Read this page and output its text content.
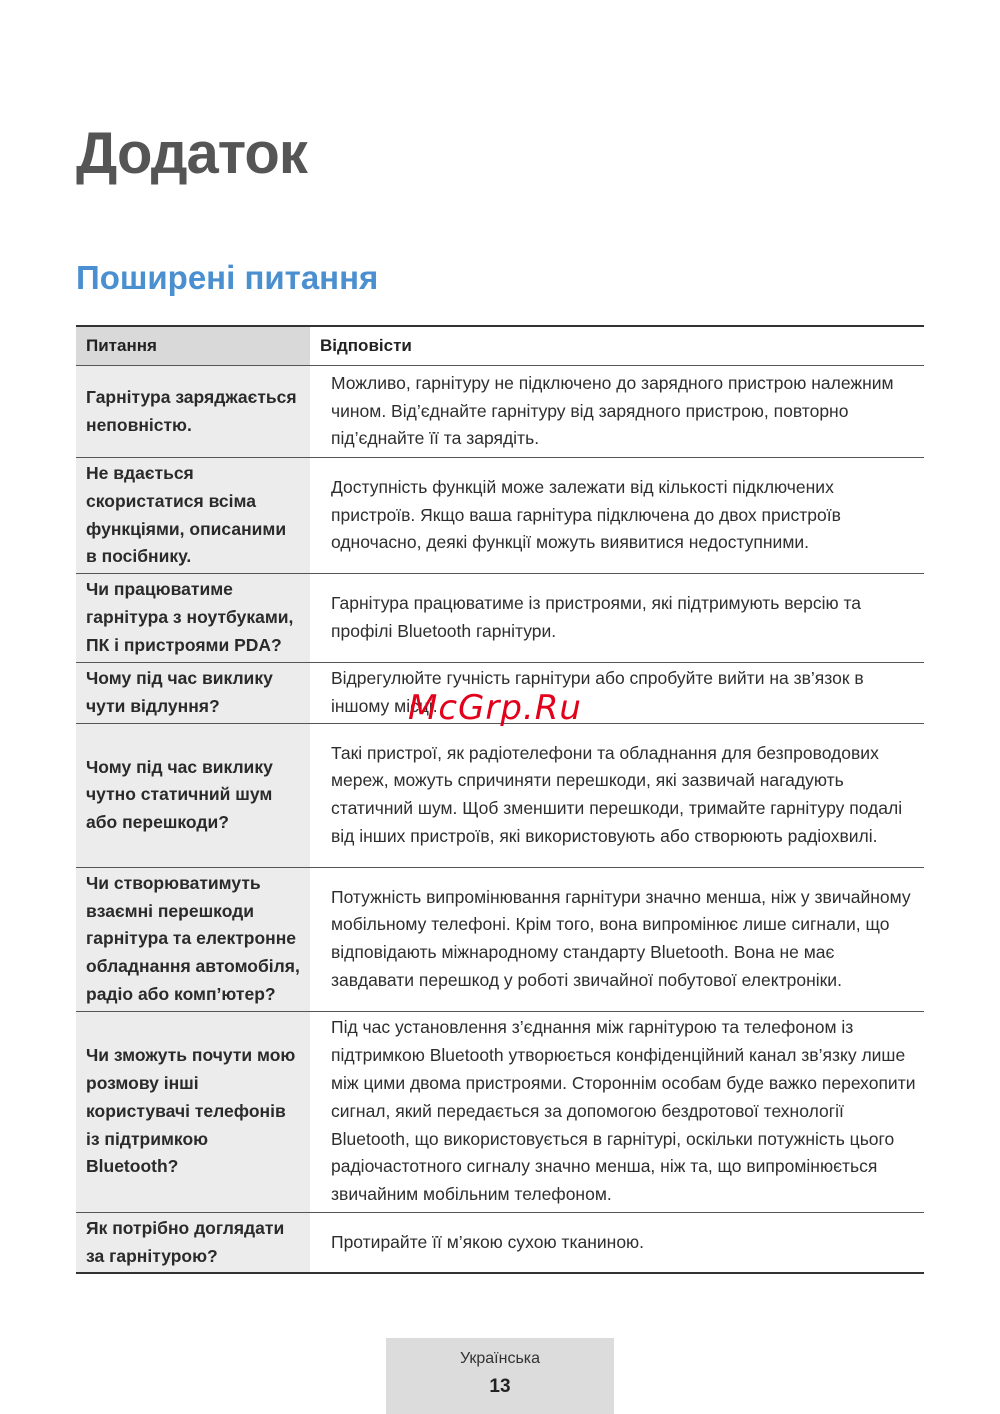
Додаток
Поширені питання
Питання	Відповісти
Гарнітура заряджається неповністю.	Можливо, гарнітуру не підключено до зарядного пристрою належним чином. Від’єднайте гарнітуру від зарядного пристрою, повторно під’єднайте її та зарядіть.
Не вдається скористатися всіма функціями, описаними в посібнику.	Доступність функцій може залежати від кількості підключених пристроїв. Якщо ваша гарнітура підключена до двох пристроїв одночасно, деякі функції можуть виявитися недоступними.
Чи працюватиме гарнітура з ноутбуками, ПК і пристроями PDA?	Гарнітура працюватиме із пристроями, які підтримують версію та профілі Bluetooth гарнітури.
Чому під час виклику чути відлуння?	Відрегулюйте гучність гарнітури або спробуйте вийти на зв’язок в іншому місці.
Чому під час виклику чутно статичний шум або перешкоди?	Такі пристрої, як радіотелефони та обладнання для безпроводових мереж, можуть спричиняти перешкоди, які зазвичай нагадують статичний шум. Щоб зменшити перешкоди, тримайте гарнітуру подалі від інших пристроїв, які використовують або створюють радіохвилі.
Чи створюватимуть взаємні перешкоди гарнітура та електронне обладнання автомобіля, радіо або комп’ютер?	Потужність випромінювання гарнітури значно менша, ніж у звичайному мобільному телефоні. Крім того, вона випромінює лише сигнали, що відповідають міжнародному стандарту Bluetooth. Вона не має завдавати перешкод у роботі звичайної побутової електроніки.
Чи зможуть почути мою розмову інші користувачі телефонів із підтримкою Bluetooth?	Під час установлення з’єднання між гарнітурою та телефоном із підтримкою Bluetooth утворюється конфіденційний канал зв’язку лише між цими двома пристроями. Стороннім особам буде важко перехопити сигнал, який передається за допомогою бездротової технології Bluetooth, що використовується в гарнітурі, оскільки потужність цього радіочастотного сигналу значно менша, ніж та, що випромінюється звичайним мобільним телефоном.
Як потрібно доглядати за гарнітурою?	Протирайте її м’якою сухою тканиною.
McGrp.Ru
Українська
13
